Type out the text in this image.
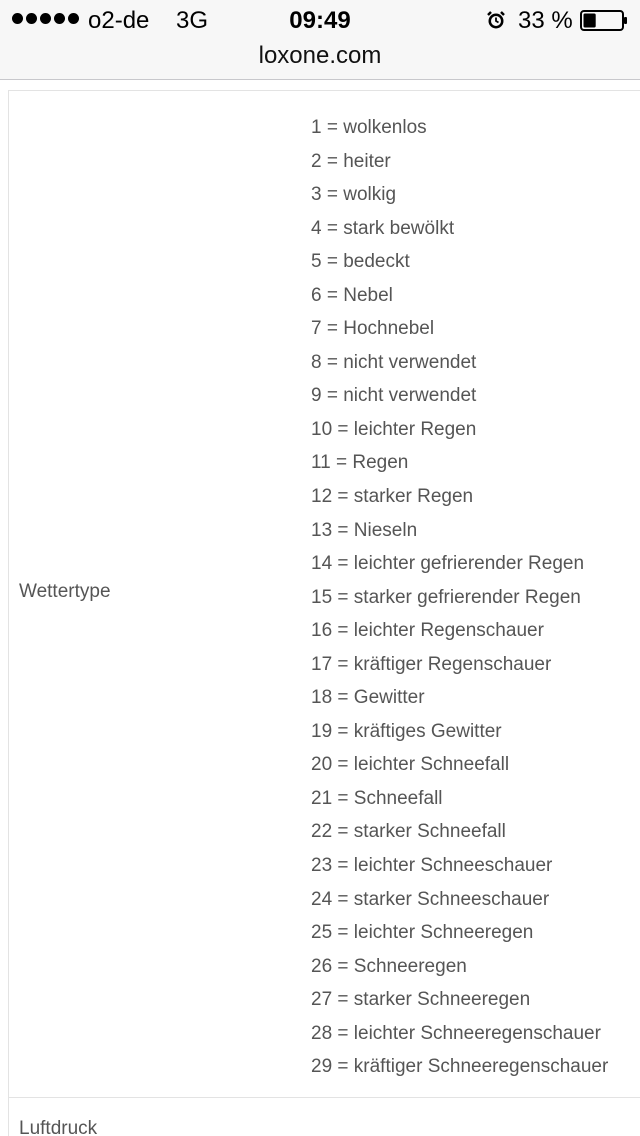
o2-de 3G	09:49	33 %
loxone.com
Wettertype
1 = wolkenlos
2 = heiter
3 = wolkig
4 = stark bewölkt
5 = bedeckt
6 = Nebel
7 = Hochnebel
8 = nicht verwendet
9 = nicht verwendet
10 = leichter Regen
11 = Regen
12 = starker Regen
13 = Nieseln
14 = leichter gefrierender Regen
15 = starker gefrierender Regen
16 = leichter Regenschauer
17 = kräftiger Regenschauer
18 = Gewitter
19 = kräftiges Gewitter
20 = leichter Schneefall
21 = Schneefall
22 = starker Schneefall
23 = leichter Schneeschauer
24 = starker Schneeschauer
25 = leichter Schneeregen
26 = Schneeregen
27 = starker Schneeregen
28 = leichter Schneeregenschauer
29 = kräftiger Schneeregenschauer
Luftdruck
